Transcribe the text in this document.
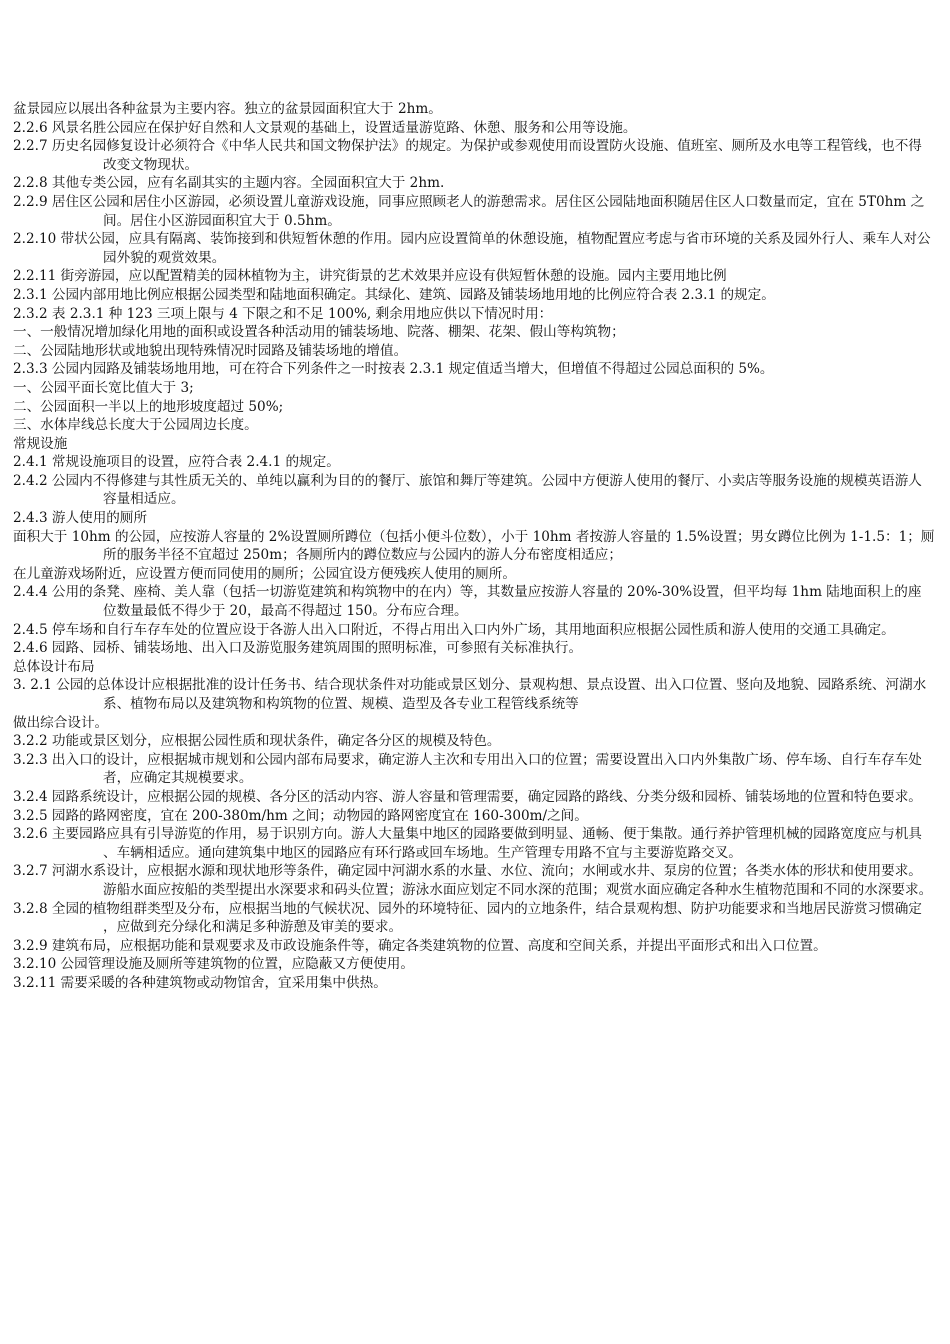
盆景园应以展出各种盆景为主要内容。独立的盆景园面积宜大于 2hm。

2.2.6 风景名胜公园应在保护好自然和人文景观的基础上，设置适量游览路、休憩、服务和公用等设施。

2.2.7 历史名园修复设计必须符合《中华人民共和国文物保护法》的规定。为保护或参观使用而设置防火设施、值班室、厕所及水电等工程管线，也不得改变文物现状。

2.2.8 其他专类公园，应有名副其实的主题内容。全园面积宜大于 2hm.

2.2.9 居住区公园和居住小区游园，必须设置儿童游戏设施，同事应照顾老人的游憩需求。居住区公园陆地面积随居住区人口数量而定，宜在 5T0hm 之间。居住小区游园面积宜大于 0.5hm。

2.2.10 带状公园，应具有隔离、装饰接到和供短暂休憩的作用。园内应设置简单的休憩设施，植物配置应考虑与省市环境的关系及园外行人、乘车人对公园外貌的观赏效果。

2.2.11 街旁游园，应以配置精美的园林植物为主，讲究街景的艺术效果并应设有供短暂休憩的设施。园内主要用地比例

2.3.1 公园内部用地比例应根据公园类型和陆地面积确定。其绿化、建筑、园路及铺装场地用地的比例应符合表 2.3.1 的规定。

2.3.2 表 2.3.1 种 123 三项上限与 4 下限之和不足 100%, 剩余用地应供以下情况时用：

一、一般情况增加绿化用地的面积或设置各种活动用的铺装场地、院落、棚架、花架、假山等构筑物；

二、公园陆地形状或地貌出现特殊情况时园路及铺装场地的增值。

2.3.3 公园内园路及铺装场地用地，可在符合下列条件之一时按表 2.3.1 规定值适当增大，但增值不得超过公园总面积的 5%。

一、公园平面长宽比值大于 3;

二、公园面积一半以上的地形坡度超过 50%;

三、水体岸线总长度大于公园周边长度。

常规设施

2.4.1 常规设施项目的设置，应符合表 2.4.1 的规定。

2.4.2 公园内不得修建与其性质无关的、单纯以赢利为目的的餐厅、旅馆和舞厅等建筑。公园中方便游人使用的餐厅、小卖店等服务设施的规模英语游人容量相适应。

2.4.3 游人使用的厕所

面积大于 10hm 的公园，应按游人容量的 2%设置厕所蹲位（包括小便斗位数），小于 10hm 者按游人容量的 1.5%设置；男女蹲位比例为 1-1.5：1；厕所的服务半径不宜超过 250m；各厕所内的蹲位数应与公园内的游人分布密度相适应；

在儿童游戏场附近，应设置方便而同使用的厕所；公园宜设方便残疾人使用的厕所。

2.4.4 公用的条凳、座椅、美人靠（包括一切游览建筑和构筑物中的在内）等，其数量应按游人容量的 20%-30%设置，但平均每 1hm 陆地面积上的座位数量最低不得少于 20，最高不得超过 150。分布应合理。

2.4.5 停车场和自行车存车处的位置应设于各游人出入口附近，不得占用出入口内外广场，其用地面积应根据公园性质和游人使用的交通工具确定。

2.4.6 园路、园桥、铺装场地、出入口及游览服务建筑周围的照明标准，可参照有关标准执行。

总体设计布局

3. 2.1 公园的总体设计应根据批准的设计任务书、结合现状条件对功能或景区划分、景观构想、景点设置、出入口位置、竖向及地貌、园路系统、河湖水系、植物布局以及建筑物和构筑物的位置、规模、造型及各专业工程管线系统等

做出综合设计。

3.2.2 功能或景区划分，应根据公园性质和现状条件，确定各分区的规模及特色。

3.2.3 出入口的设计，应根据城市规划和公园内部布局要求，确定游人主次和专用出入口的位置；需要设置出入口内外集散广场、停车场、自行车存车处者，应确定其规模要求。

3.2.4 园路系统设计，应根据公园的规模、各分区的活动内容、游人容量和管理需要，确定园路的路线、分类分级和园桥、铺装场地的位置和特色要求。

3.2.5 园路的路网密度，宜在 200-380m/hm 之间；动物园的路网密度宜在 160-300m/之间。

3.2.6 主要园路应具有引导游览的作用，易于识别方向。游人大量集中地区的园路要做到明显、通畅、便于集散。通行养护管理机械的园路宽度应与机具、车辆相适应。通向建筑集中地区的园路应有环行路或回车场地。生产管理专用路不宜与主要游览路交叉。

3.2.7 河湖水系设计，应根据水源和现状地形等条件，确定园中河湖水系的水量、水位、流向；水闸或水井、泵房的位置；各类水体的形状和使用要求。游船水面应按船的类型提出水深要求和码头位置；游泳水面应划定不同水深的范围；观赏水面应确定各种水生植物范围和不同的水深要求。

3.2.8 全园的植物组群类型及分布，应根据当地的气候状况、园外的环境特征、园内的立地条件，结合景观构想、防护功能要求和当地居民游赏习惯确定，应做到充分绿化和满足多种游憩及审美的要求。

3.2.9 建筑布局，应根据功能和景观要求及市政设施条件等，确定各类建筑物的位置、高度和空间关系，并提出平面形式和出入口位置。

3.2.10 公园管理设施及厕所等建筑物的位置，应隐蔽又方便使用。

3.2.11 需要采暖的各种建筑物或动物馆舍，宜采用集中供热。
